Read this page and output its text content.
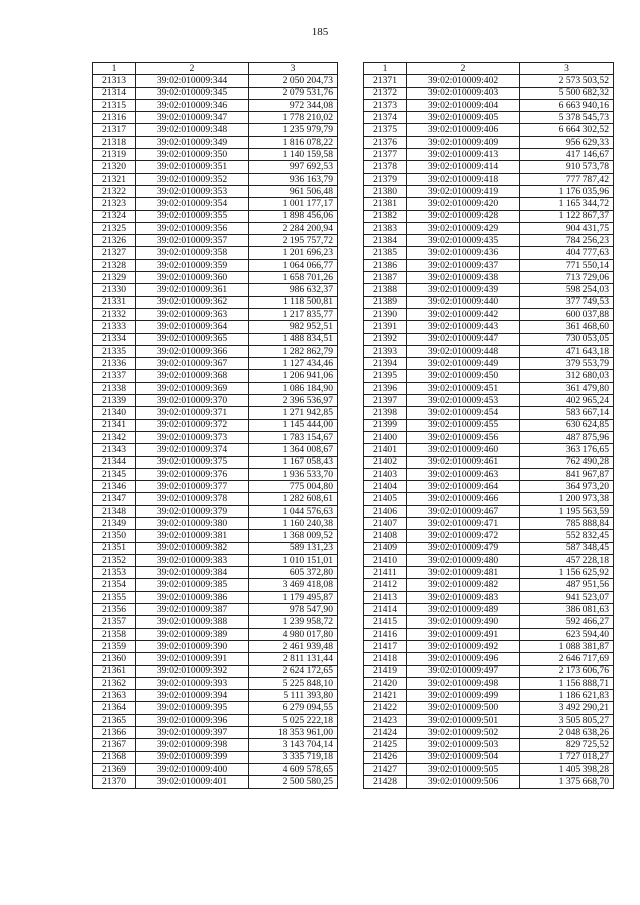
185
1	2	3
21313	39:02:010009:344	2 050 204,73
21314	39:02:010009:345	2 079 531,76
21315	39:02:010009:346	972 344,08
21316	39:02:010009:347	1 778 210,02
21317	39:02:010009:348	1 235 979,79
21318	39:02:010009:349	1 816 078,22
21319	39:02:010009:350	1 140 159,58
21320	39:02:010009:351	997 692,53
21321	39:02:010009:352	936 163,79
21322	39:02:010009:353	961 506,48
21323	39:02:010009:354	1 001 177,17
21324	39:02:010009:355	1 898 456,06
21325	39:02:010009:356	2 284 200,94
21326	39:02:010009:357	2 195 757,72
21327	39:02:010009:358	1 201 696,23
21328	39:02:010009:359	1 064 066,77
21329	39:02:010009:360	1 658 701,26
21330	39:02:010009:361	986 632,37
21331	39:02:010009:362	1 118 500,81
21332	39:02:010009:363	1 217 835,77
21333	39:02:010009:364	982 952,51
21334	39:02:010009:365	1 488 834,51
21335	39:02:010009:366	1 282 862,79
21336	39:02:010009:367	1 127 434,46
21337	39:02:010009:368	1 206 941,06
21338	39:02:010009:369	1 086 184,90
21339	39:02:010009:370	2 396 536,97
21340	39:02:010009:371	1 271 942,85
21341	39:02:010009:372	1 145 444,00
21342	39:02:010009:373	1 783 154,67
21343	39:02:010009:374	1 364 008,67
21344	39:02:010009:375	1 167 058,43
21345	39:02:010009:376	1 936 533,70
21346	39:02:010009:377	775 004,80
21347	39:02:010009:378	1 282 608,61
21348	39:02:010009:379	1 044 576,63
21349	39:02:010009:380	1 160 240,38
21350	39:02:010009:381	1 368 009,52
21351	39:02:010009:382	589 131,23
21352	39:02:010009:383	1 010 151,01
21353	39:02:010009:384	605 372,80
21354	39:02:010009:385	3 469 418,08
21355	39:02:010009:386	1 179 495,87
21356	39:02:010009:387	978 547,90
21357	39:02:010009:388	1 239 958,72
21358	39:02:010009:389	4 980 017,80
21359	39:02:010009:390	2 461 939,48
21360	39:02:010009:391	2 811 131,44
21361	39:02:010009:392	2 624 172,65
21362	39:02:010009:393	5 225 848,10
21363	39:02:010009:394	5 111 393,80
21364	39:02:010009:395	6 279 094,55
21365	39:02:010009:396	5 025 222,18
21366	39:02:010009:397	18 353 961,00
21367	39:02:010009:398	3 143 704,14
21368	39:02:010009:399	3 335 719,18
21369	39:02:010009:400	4 609 578,65
21370	39:02:010009:401	2 500 580,25
1	2	3
21371	39:02:010009:402	2 573 503,52
21372	39:02:010009:403	5 500 682,32
21373	39:02:010009:404	6 663 940,16
21374	39:02:010009:405	5 378 545,73
21375	39:02:010009:406	6 664 302,52
21376	39:02:010009:409	956 629,33
21377	39:02:010009:413	417 146,67
21378	39:02:010009:414	910 573,78
21379	39:02:010009:418	777 787,42
21380	39:02:010009:419	1 176 035,96
21381	39:02:010009:420	1 165 344,72
21382	39:02:010009:428	1 122 867,37
21383	39:02:010009:429	904 431,75
21384	39:02:010009:435	784 256,23
21385	39:02:010009:436	404 777,63
21386	39:02:010009:437	771 550,14
21387	39:02:010009:438	713 729,06
21388	39:02:010009:439	598 254,03
21389	39:02:010009:440	377 749,53
21390	39:02:010009:442	600 037,88
21391	39:02:010009:443	361 468,60
21392	39:02:010009:447	730 053,05
21393	39:02:010009:448	471 643,18
21394	39:02:010009:449	379 553,79
21395	39:02:010009:450	312 680,03
21396	39:02:010009:451	361 479,80
21397	39:02:010009:453	402 965,24
21398	39:02:010009:454	583 667,14
21399	39:02:010009:455	630 624,85
21400	39:02:010009:456	487 875,96
21401	39:02:010009:460	363 176,65
21402	39:02:010009:461	762 490,28
21403	39:02:010009:463	841 967,87
21404	39:02:010009:464	364 973,20
21405	39:02:010009:466	1 200 973,38
21406	39:02:010009:467	1 195 563,59
21407	39:02:010009:471	785 888,84
21408	39:02:010009:472	552 832,45
21409	39:02:010009:479	587 348,45
21410	39:02:010009:480	457 228,18
21411	39:02:010009:481	1 156 625,92
21412	39:02:010009:482	487 951,56
21413	39:02:010009:483	941 523,07
21414	39:02:010009:489	386 081,63
21415	39:02:010009:490	592 466,27
21416	39:02:010009:491	623 594,40
21417	39:02:010009:492	1 088 381,87
21418	39:02:010009:496	2 646 717,69
21419	39:02:010009:497	2 173 606,76
21420	39:02:010009:498	1 156 888,71
21421	39:02:010009:499	1 186 621,83
21422	39:02:010009:500	3 492 290,21
21423	39:02:010009:501	3 505 805,27
21424	39:02:010009:502	2 048 638,26
21425	39:02:010009:503	829 725,52
21426	39:02:010009:504	1 727 018,27
21427	39:02:010009:505	1 405 398,28
21428	39:02:010009:506	1 375 668,70
